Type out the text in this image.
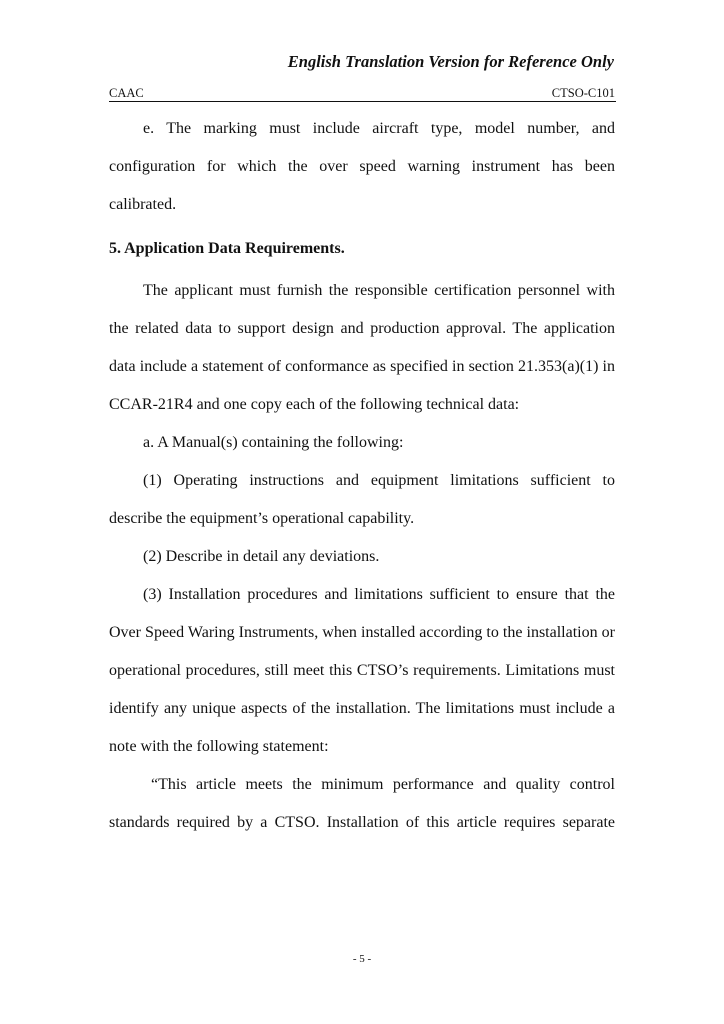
English Translation Version for Reference Only
CAAC	CTSO-C101

e. The marking must include aircraft type, model number, and configuration for which the over speed warning instrument has been calibrated.

5. Application Data Requirements.

The applicant must furnish the responsible certification personnel with the related data to support design and production approval. The application data include a statement of conformance as specified in section 21.353(a)(1) in CCAR-21R4 and one copy each of the following technical data:

a. A Manual(s) containing the following:

(1) Operating instructions and equipment limitations sufficient to describe the equipment’s operational capability.

(2) Describe in detail any deviations.

(3) Installation procedures and limitations sufficient to ensure that the Over Speed Waring Instruments, when installed according to the installation or operational procedures, still meet this CTSO’s requirements. Limitations must identify any unique aspects of the installation. The limitations must include a note with the following statement:

“This article meets the minimum performance and quality control standards required by a CTSO. Installation of this article requires separate

- 5 -
